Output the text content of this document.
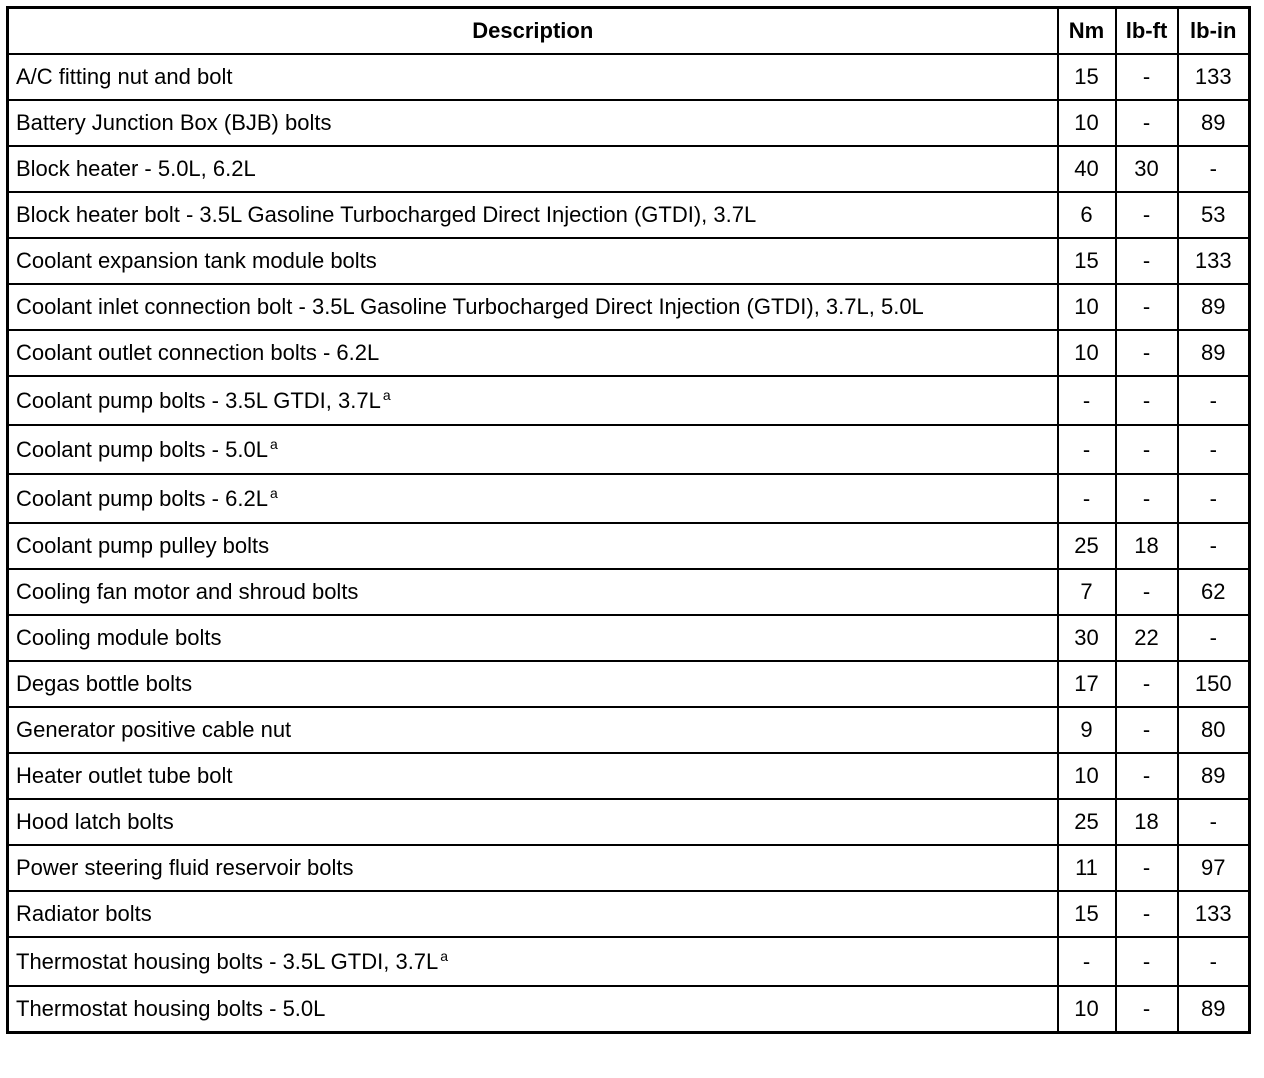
Description	Nm	lb-ft	lb-in
A/C fitting nut and bolt	15	-	133
Battery Junction Box (BJB) bolts	10	-	89
Block heater - 5.0L, 6.2L	40	30	-
Block heater bolt - 3.5L Gasoline Turbocharged Direct Injection (GTDI), 3.7L	6	-	53
Coolant expansion tank module bolts	15	-	133
Coolant inlet connection bolt - 3.5L Gasoline Turbocharged Direct Injection (GTDI), 3.7L, 5.0L	10	-	89
Coolant outlet connection bolts - 6.2L	10	-	89
Coolant pump bolts - 3.5L GTDI, 3.7L $^a$	-	-	-
Coolant pump bolts - 5.0L $^a$	-	-	-
Coolant pump bolts - 6.2L $^a$	-	-	-
Coolant pump pulley bolts	25	18	-
Cooling fan motor and shroud bolts	7	-	62
Cooling module bolts	30	22	-
Degas bottle bolts	17	-	150
Generator positive cable nut	9	-	80
Heater outlet tube bolt	10	-	89
Hood latch bolts	25	18	-
Power steering fluid reservoir bolts	11	-	97
Radiator bolts	15	-	133
Thermostat housing bolts - 3.5L GTDI, 3.7L $^a$	-	-	-
Thermostat housing bolts - 5.0L	10	-	89
